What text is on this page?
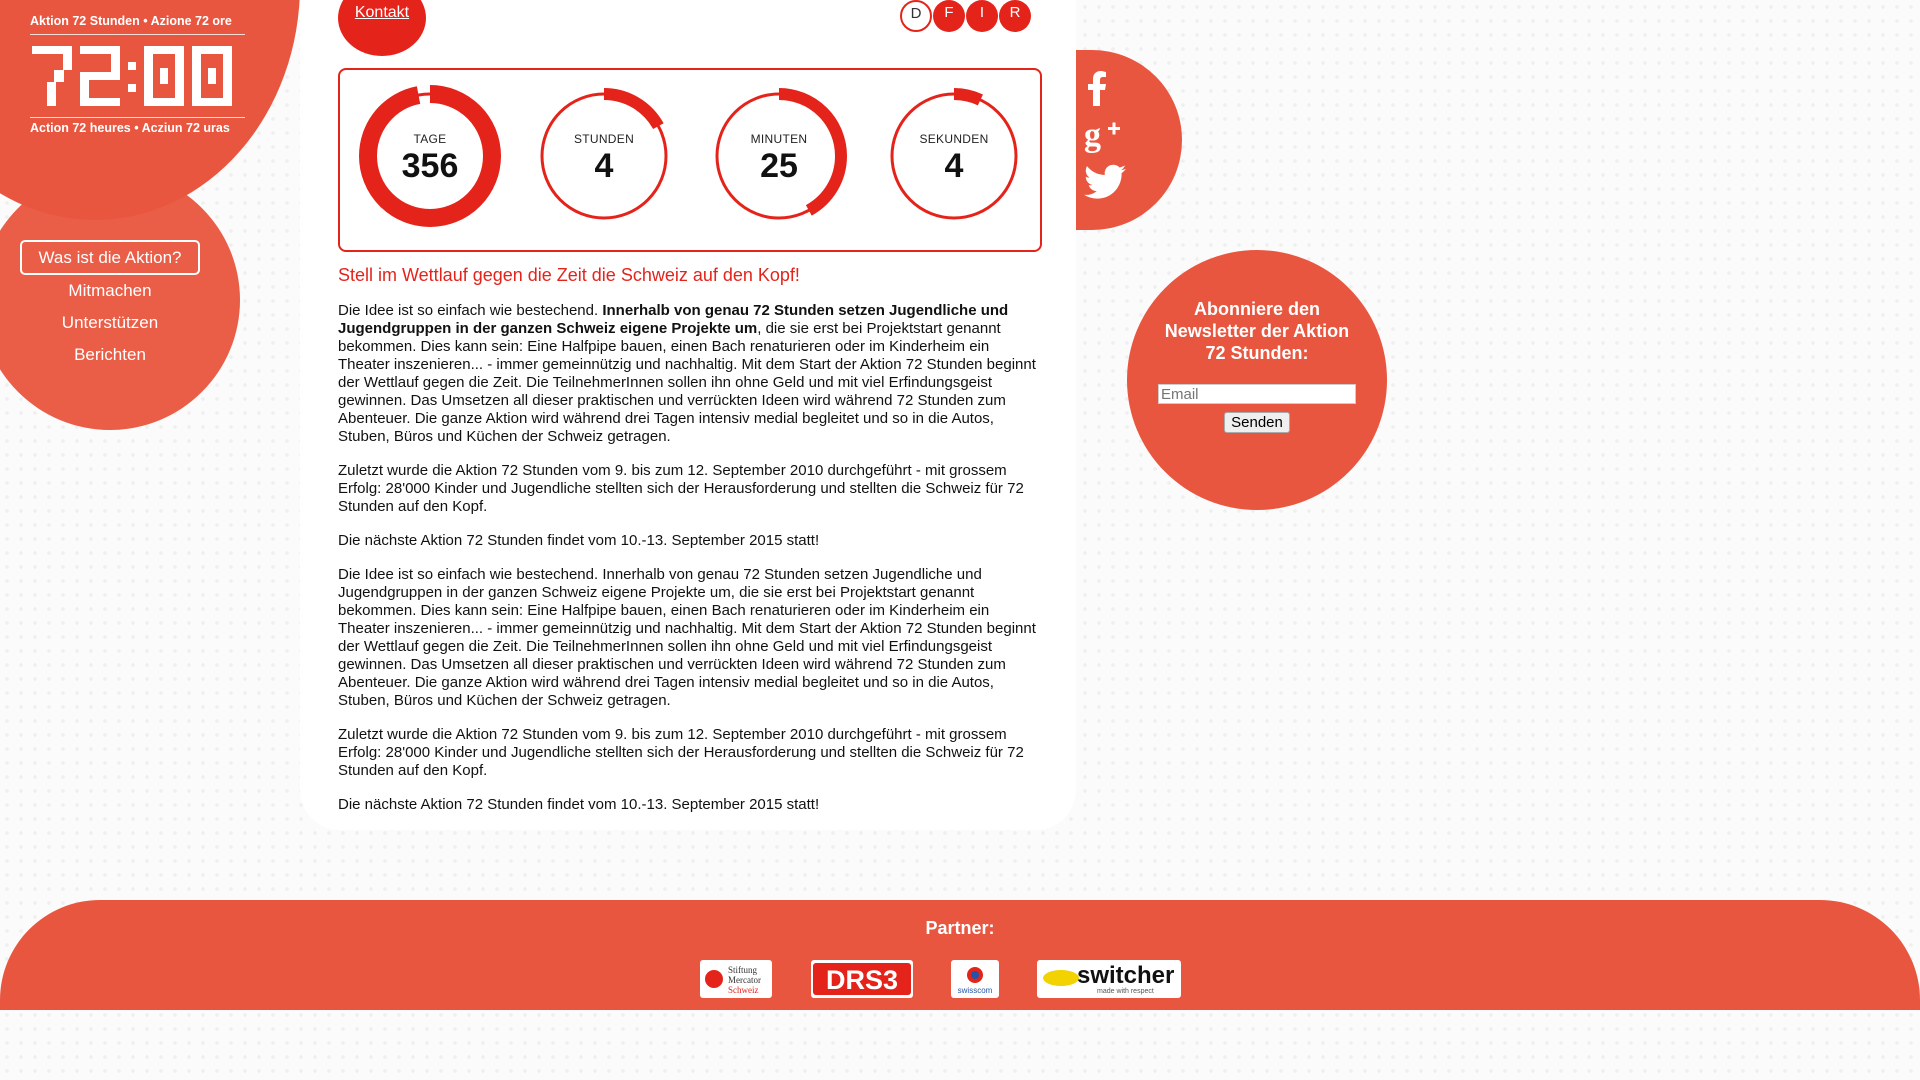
Aktion 72 Stunden • Azione 72 ore
Action 72 heures • Acziun 72 uras
Was ist die Aktion?
Mitmachen
Unterstützen
Berichten
Kontakt	D	F	I	R
TAGE
356
STUNDEN
4
MINUTEN
25
SEKUNDEN
4
Stell im Wettlauf gegen die Zeit die Schweiz auf den Kopf!

Die Idee ist so einfach wie bestechend. Innerhalb von genau 72 Stunden setzen Jugendliche und Jugendgruppen in der ganzen Schweiz eigene Projekte um, die sie erst bei Projektstart genannt bekommen. Dies kann sein: Eine Halfpipe bauen, einen Bach renaturieren oder im Kinderheim ein Theater inszenieren... - immer gemeinnützig und nachhaltig. Mit dem Start der Aktion 72 Stunden beginnt der Wettlauf gegen die Zeit. Die TeilnehmerInnen sollen ihn ohne Geld und mit viel Erfindungsgeist gewinnen. Das Umsetzen all dieser praktischen und verrückten Ideen wird während 72 Stunden zum Abenteuer. Die ganze Aktion wird während drei Tagen intensiv medial begleitet und so in die Autos, Stuben, Büros und Küchen der Schweiz getragen.

Zuletzt wurde die Aktion 72 Stunden vom 9. bis zum 12. September 2010 durchgeführt - mit grossem Erfolg: 28'000 Kinder und Jugendliche stellten sich der Herausforderung und stellten die Schweiz für 72 Stunden auf den Kopf.

Die nächste Aktion 72 Stunden findet vom 10.-13. September 2015 statt!

Die Idee ist so einfach wie bestechend. Innerhalb von genau 72 Stunden setzen Jugendliche und Jugendgruppen in der ganzen Schweiz eigene Projekte um, die sie erst bei Projektstart genannt bekommen. Dies kann sein: Eine Halfpipe bauen, einen Bach renaturieren oder im Kinderheim ein Theater inszenieren... - immer gemeinnützig und nachhaltig. Mit dem Start der Aktion 72 Stunden beginnt der Wettlauf gegen die Zeit. Die TeilnehmerInnen sollen ihn ohne Geld und mit viel Erfindungsgeist gewinnen. Das Umsetzen all dieser praktischen und verrückten Ideen wird während 72 Stunden zum Abenteuer. Die ganze Aktion wird während drei Tagen intensiv medial begleitet und so in die Autos, Stuben, Büros und Küchen der Schweiz getragen.

Zuletzt wurde die Aktion 72 Stunden vom 9. bis zum 12. September 2010 durchgeführt - mit grossem Erfolg: 28'000 Kinder und Jugendliche stellten sich der Herausforderung und stellten die Schweiz für 72 Stunden auf den Kopf.

Die nächste Aktion 72 Stunden findet vom 10.-13. September 2015 statt!

g
Abonniere den Newsletter der Aktion 72 Stunden:
Email Senden
Partner:
Stiftung
Mercator
Schweiz DRS3	swisscom
switcher
made with respect
